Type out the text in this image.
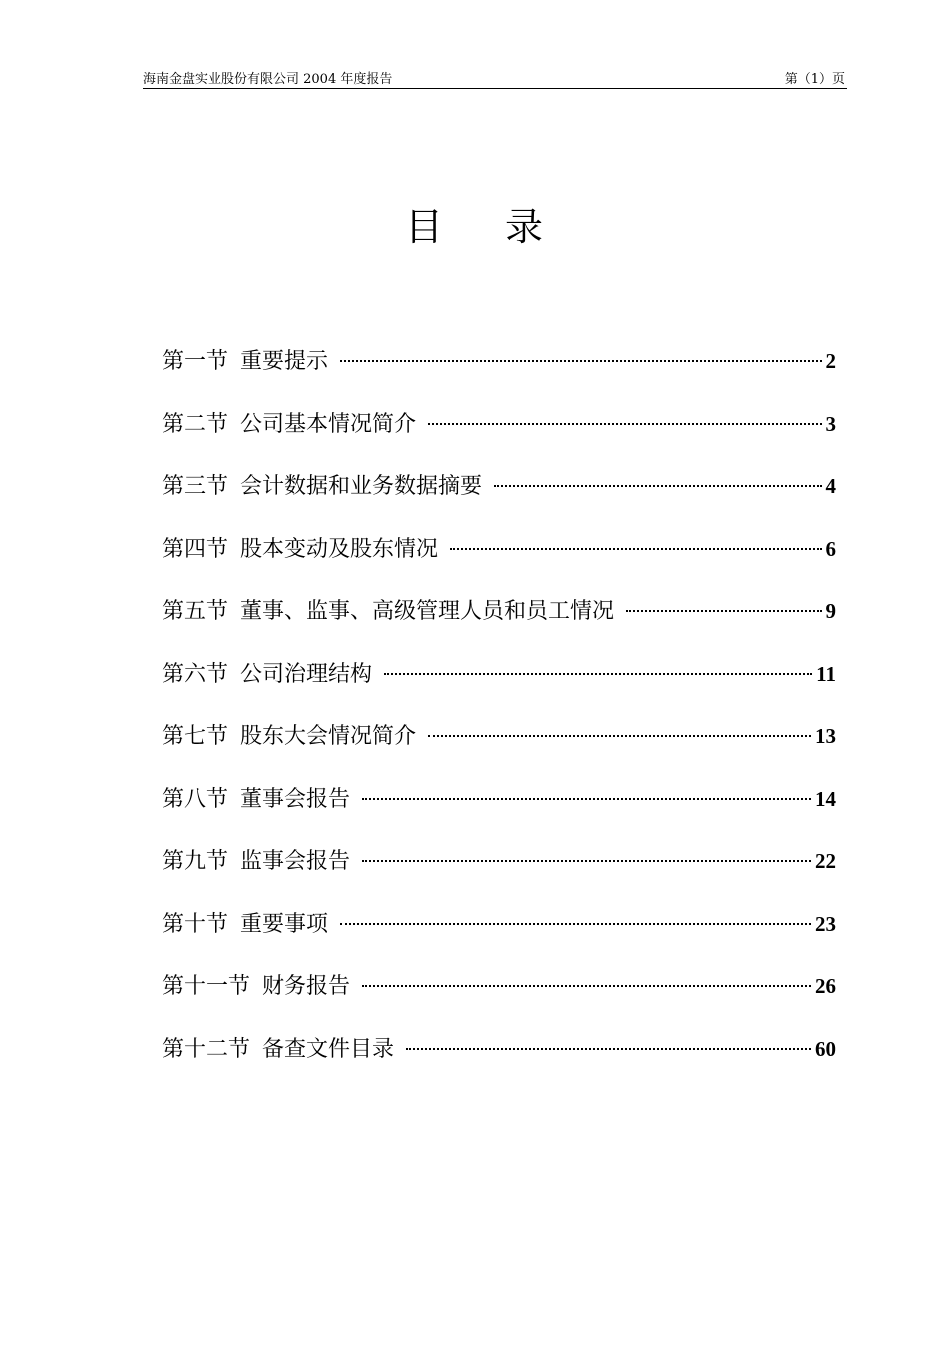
海南金盘实业股份有限公司 2004 年度报告	第（1）页
目录
第一节 重要提示	2
第二节 公司基本情况简介	3
第三节 会计数据和业务数据摘要	4
第四节 股本变动及股东情况	6
第五节 董事、监事、高级管理人员和员工情况	9
第六节 公司治理结构	11
第七节 股东大会情况简介	13
第八节 董事会报告	14
第九节 监事会报告	22
第十节 重要事项	23
第十一节 财务报告	26
第十二节 备查文件目录	60
